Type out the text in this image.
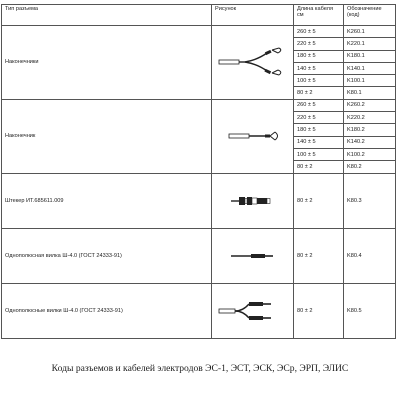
Тип разъема	Рисунок	Длина кабеля
см	Обозначение
(код)
Наконечники		260 ± 5	K260.1
		220 ± 5	K220.1
		180 ± 5	K180.1
		140 ± 5	K140.1
		100 ± 5	K100.1
		80 ± 2	K80.1
Наконечник		260 ± 5	K260.2
		220 ± 5	K220.2
		180 ± 5	K180.2
		140 ± 5	K140.2
		100 ± 5	K100.2
		80 ± 2	K80.2
Штекер ИТ.685611.009		80 ± 2	K80.3
Однополюсная вилка Ш-4.0 (ГОСТ 24333-91)		80 ± 2	K80.4
Однополюсные вилки Ш-4.0 (ГОСТ 24333-91)		80 ± 2	K80.5
Коды разъемов и кабелей электродов ЭС-1, ЭСТ, ЭСК, ЭСр, ЭРП, ЭЛИС
